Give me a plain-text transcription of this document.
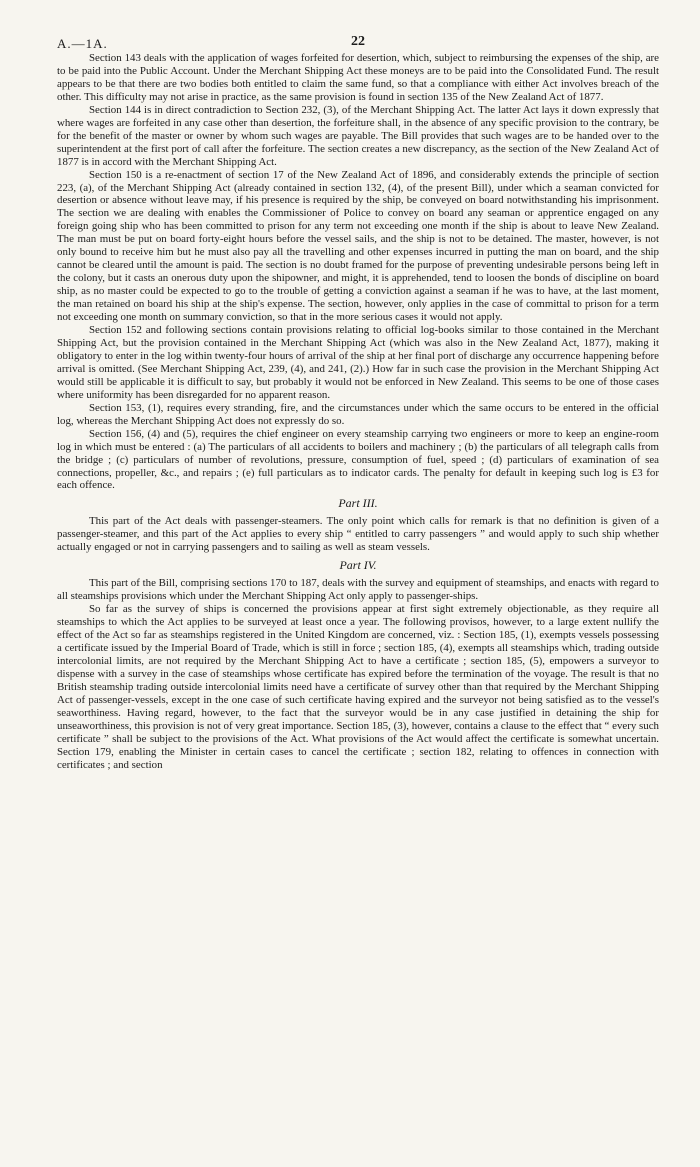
A.—1A.	22

Section 143 deals with the application of wages forfeited for desertion, which, subject to reimbursing the expenses of the ship, are to be paid into the Public Account. Under the Merchant Shipping Act these moneys are to be paid into the Consolidated Fund. The result appears to be that there are two bodies both entitled to claim the same fund, so that a compliance with either Act involves breach of the other. This difficulty may not arise in practice, as the same provision is found in section 135 of the New Zealand Act of 1877.

Section 144 is in direct contradiction to Section 232, (3), of the Merchant Shipping Act. The latter Act lays it down expressly that where wages are forfeited in any case other than desertion, the forfeiture shall, in the absence of any specific provision to the contrary, be for the benefit of the master or owner by whom such wages are payable. The Bill provides that such wages are to be handed over to the superintendent at the first port of call after the forfeiture. The section creates a new discrepancy, as the section of the New Zealand Act of 1877 is in accord with the Merchant Shipping Act.

Section 150 is a re-enactment of section 17 of the New Zealand Act of 1896, and considerably extends the principle of section 223, (a), of the Merchant Shipping Act (already contained in section 132, (4), of the present Bill), under which a seaman convicted for desertion or absence without leave may, if his presence is required by the ship, be conveyed on board notwithstanding his imprisonment. The section we are dealing with enables the Commissioner of Police to convey on board any seaman or apprentice engaged on any foreign going ship who has been committed to prison for any term not exceeding one month if the ship is about to leave New Zealand. The man must be put on board forty-eight hours before the vessel sails, and the ship is not to be detained. The master, however, is not only bound to receive him but he must also pay all the travelling and other expenses incurred in putting the man on board, and the ship cannot be cleared until the amount is paid. The section is no doubt framed for the purpose of preventing undesirable persons being left in the colony, but it casts an onerous duty upon the shipowner, and might, it is apprehended, tend to loosen the bonds of discipline on board ship, as no master could be expected to go to the trouble of getting a conviction against a seaman if he was to have, at the last moment, the man retained on board his ship at the ship's expense. The section, however, only applies in the case of committal to prison for a term not exceeding one month on summary conviction, so that in the more serious cases it would not apply.

Section 152 and following sections contain provisions relating to official log-books similar to those contained in the Merchant Shipping Act, but the provision contained in the Merchant Shipping Act (which was also in the New Zealand Act, 1877), making it obligatory to enter in the log within twenty-four hours of arrival of the ship at her final port of discharge any occurrence happening before arrival is omitted. (See Merchant Shipping Act, 239, (4), and 241, (2).) How far in such case the provision in the Merchant Shipping Act would still be applicable it is difficult to say, but probably it would not be enforced in New Zealand. This seems to be one of those cases where uniformity has been disregarded for no apparent reason.

Section 153, (1), requires every stranding, fire, and the circumstances under which the same occurs to be entered in the official log, whereas the Merchant Shipping Act does not expressly do so.

Section 156, (4) and (5), requires the chief engineer on every steamship carrying two engineers or more to keep an engine-room log in which must be entered : (a) The particulars of all accidents to boilers and machinery ; (b) the particulars of all telegraph calls from the bridge ; (c) particulars of number of revolutions, pressure, consumption of fuel, speed ; (d) particulars of examination of sea connections, propeller, &c., and repairs ; (e) full particulars as to indicator cards. The penalty for default in keeping such log is £3 for each offence.

Part III.

This part of the Act deals with passenger-steamers. The only point which calls for remark is that no definition is given of a passenger-steamer, and this part of the Act applies to every ship “ entitled to carry passengers ” and would apply to such ship whether actually engaged or not in carrying passengers and to sailing as well as steam vessels.

Part IV.

This part of the Bill, comprising sections 170 to 187, deals with the survey and equipment of steamships, and enacts with regard to all steamships provisions which under the Merchant Shipping Act only apply to passenger-ships.

So far as the survey of ships is concerned the provisions appear at first sight extremely objectionable, as they require all steamships to which the Act applies to be surveyed at least once a year. The following provisos, however, to a large extent nullify the effect of the Act so far as steamships registered in the United Kingdom are concerned, viz. : Section 185, (1), exempts vessels possessing a certificate issued by the Imperial Board of Trade, which is still in force ; section 185, (4), exempts all steamships which, trading outside intercolonial limits, are not required by the Merchant Shipping Act to have a certificate ; section 185, (5), empowers a surveyor to dispense with a survey in the case of steamships whose certificate has expired before the termination of the voyage. The result is that no British steamship trading outside intercolonial limits need have a certificate of survey other than that required by the Merchant Shipping Act of passenger-vessels, except in the one case of such certificate having expired and the surveyor not being satisfied as to the vessel's seaworthiness. Having regard, however, to the fact that the surveyor would be in any case justified in detaining the ship for unseaworthiness, this provision is not of very great importance. Section 185, (3), however, contains a clause to the effect that “ every such certificate ” shall be subject to the provisions of the Act. What provisions of the Act would affect the certificate is somewhat uncertain. Section 179, enabling the Minister in certain cases to cancel the certificate ; section 182, relating to offences in connection with certificates ; and section
